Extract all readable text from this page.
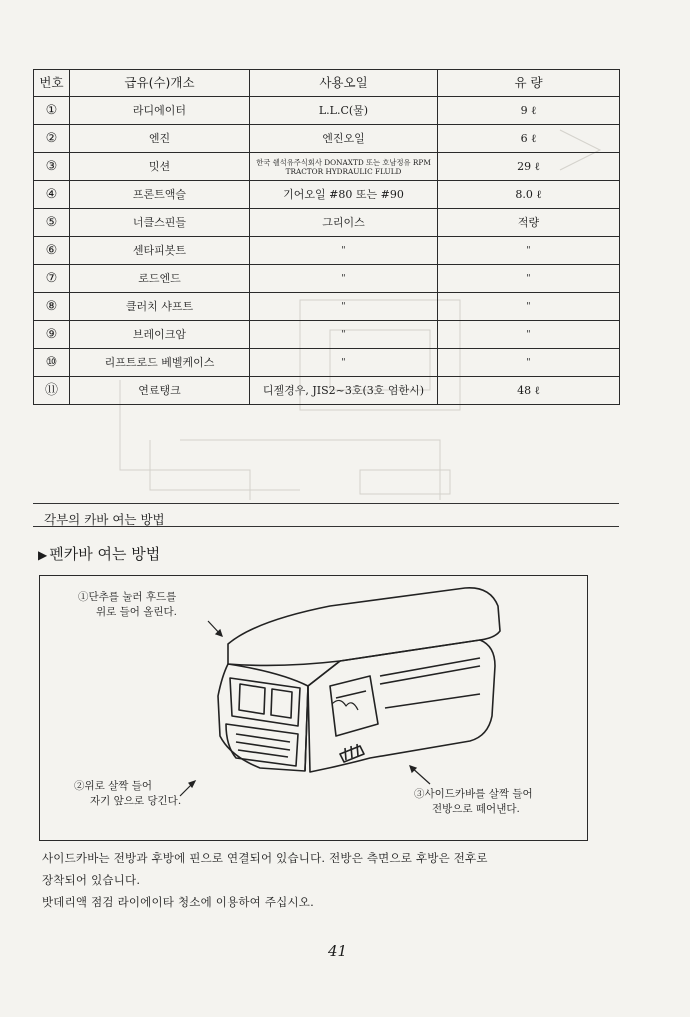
번호	급유(수)개소	사용오일	유 량
①	라디에이터	L.L.C(물)	9 ℓ
②	엔진	엔진오일	6 ℓ
③	밋션	한국 쉘석유주식회사 DONAXTD 또는 호남정유 RPM TRACTOR HYDRAULIC FLULD	29 ℓ
④	프론트액슬	기어오일 #80 또는 #90	8.0 ℓ
⑤	너클스핀들	그리이스	적량
⑥	센타피봇트	"	"
⑦	로드엔드	"	"
⑧	클러치 샤프트	"	"
⑨	브레이크암	"	"
⑩	리프트로드 베벨케이스	"	"
⑪	연료탱크	디젤경우, JIS2~3호(3호 엄한시)	48 ℓ
각부의 카바 여는 방법
▶ 펜카바 여는 방법
①단추를 눌러 후드를
위로 들어 올린다.
②위로 살짝 들어
자기 앞으로 당긴다.
③사이드카바를 살짝 들어
전방으로 떼어낸다.
사이드카바는 전방과 후방에 핀으로 연결되어 있습니다. 전방은 측면으로 후방은 전후로
장착되어 있습니다.
밧데리액 점검 라이에이타 청소에 이용하여 주십시오.
41
